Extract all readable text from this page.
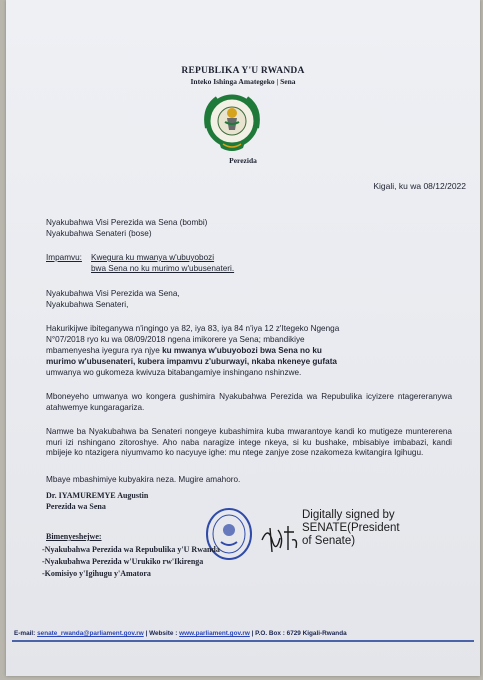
REPUBLIKA Y'U RWANDA
Inteko Ishinga Amategeko | Sena
Perezida
Kigali, ku wa 08/12/2022
Nyakubahwa Visi Perezida wa Sena (bombi)
Nyakubahwa Senateri (bose)
Impamvu: Kwegura ku mwanya w'ubuyobozi
bwa Sena no ku murimo w'ubusenateri.
Nyakubahwa Visi Perezida wa Sena,
Nyakubahwa Senateri,
Hakurikijwe ibiteganywa n'ingingo ya 82, iya 83, iya 84 n'iya 12 z'Itegeko Ngenga
N°07/2018 ryo ku wa 08/09/2018 ngena imikorere ya Sena; mbandikiye
mbamenyesha iyegura rya njye ku mwanya w'ubuyobozi bwa Sena no ku
murimo w'ubusenateri, kubera impamvu z'uburwayi, nkaba nkeneye gufata
umwanya wo gukomeza kwivuza bitabangamiye inshingano nshinzwe.
Mboneyeho umwanya wo kongera gushimira Nyakubahwa Perezida wa Repubulika icyizere ntagereranywa atahwemye kungaragariza.
Namwe ba Nyakubahwa ba Senateri nongeye kubashimira kuba mwarantoye kandi ko mutigeze muntererena muri izi nshingano zitoroshye. Aho naba naragize intege nkeya, si ku bushake, mbisabiye imbabazi, kandi mbijeje ko ntazigera niyumvamo ko nacyuye ighe: mu ntege zanjye zose nzakomeza kwitangira Igihugu.
Mbaye mbashimiye kubyakira neza. Mugire amahoro.
Dr. IYAMUREMYE Augustin
Perezida wa Sena
Digitally signed by
SENATE(President
of Senate)
Bimenyeshejwe:
-Nyakubahwa Perezida wa Repubulika y'U Rwanda
-Nyakubahwa Perezida w'Urukiko rw'Ikirenga
-Komisiyo y'Igihugu y'Amatora
E-mail: senate_rwanda@parliament.gov.rw | Website : www.parliament.gov.rw | P.O. Box : 6729 Kigali-Rwanda
